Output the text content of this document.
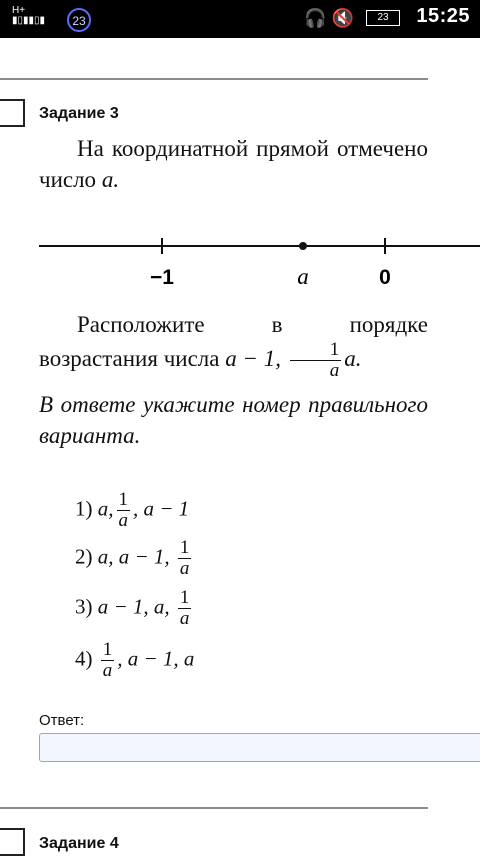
H+
▮▯▮▮▯▮	23	🎧 🔇	23	15:25
Задание 3
На координатной прямой отмечено число a.
−1	a	0
Расположите в порядке возрастания числа a − 1, $\frac{1}{a} a$.
В ответе укажите номер правильного варианта.
1) a, $\frac{1}{a}$ , a − 1
2) a, a − 1, $\frac{1}{a}$
3) a − 1, a, $\frac{1}{a}$
$4) \frac{1}{a}$ , a − 1, a
Ответ:
Задание 4
